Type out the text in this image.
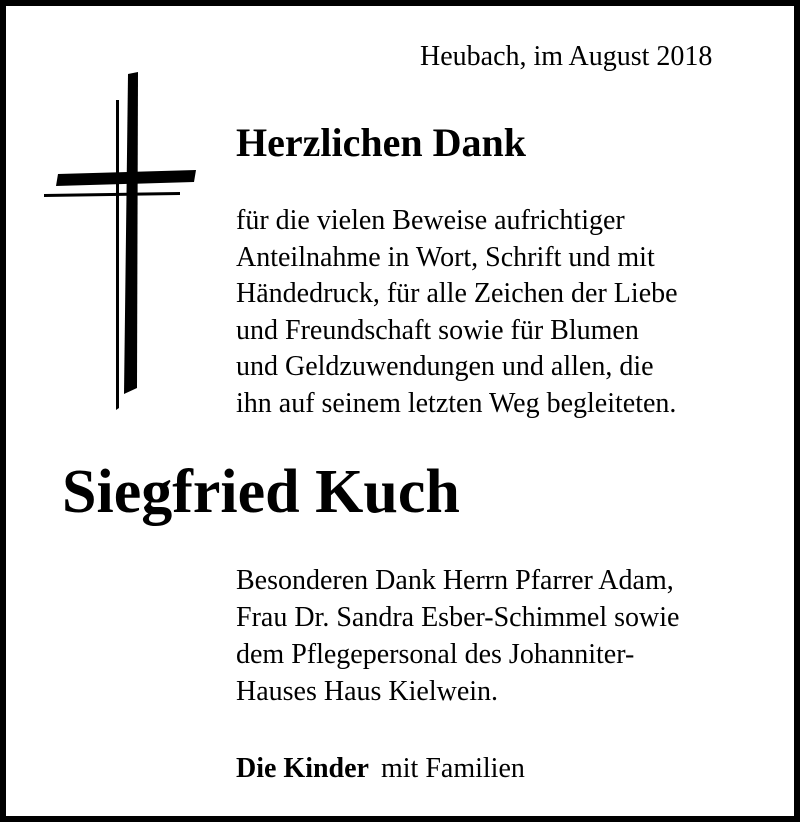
Heubach, im August 2018
Herzlichen Dank
für die vielen Beweise aufrichtiger
Anteilnahme in Wort, Schrift und mit
Händedruck, für alle Zeichen der Liebe
und Freundschaft sowie für Blumen
und Geldzuwendungen und allen, die
ihn auf seinem letzten Weg begleiteten.
Siegfried Kuch
Besonderen Dank Herrn Pfarrer Adam,
Frau Dr. Sandra Esber-Schimmel sowie
dem Pflegepersonal des Johanniter-
Hauses Haus Kielwein.
Die Kinder mit Familien
